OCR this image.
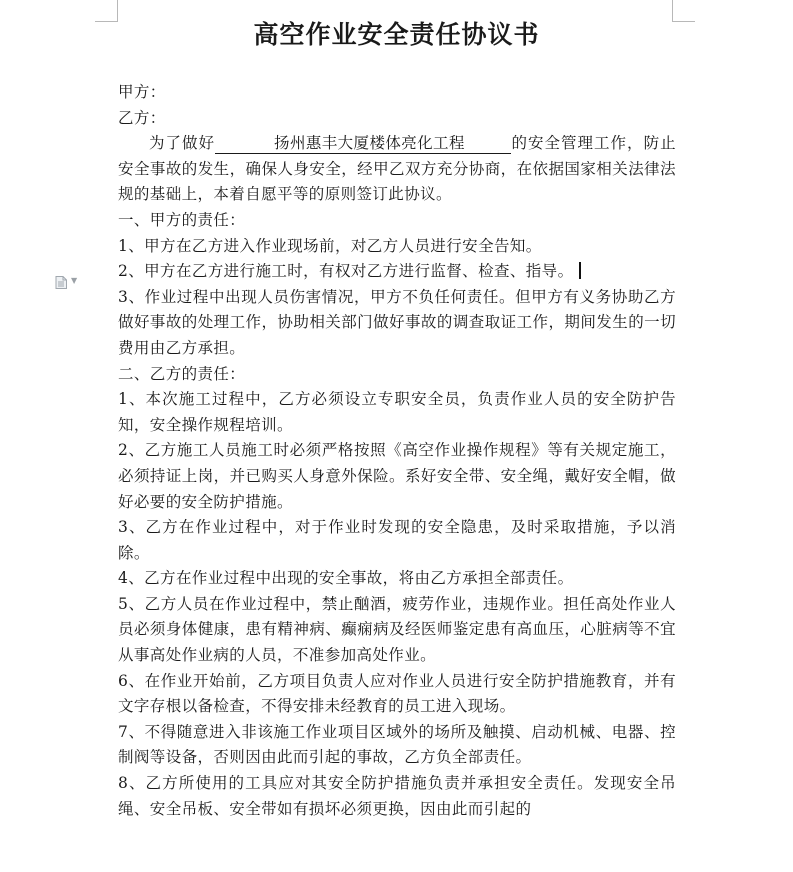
高空作业安全责任协议书
▼

甲方：

乙方：

为了做好	扬州惠丰大厦楼体亮化工程	的安全管理工作，防止安全事故的发生，确保人身安全，经甲乙双方充分协商，在依据国家相关法律法规的基础上，本着自愿平等的原则签订此协议。

一、甲方的责任：

1、甲方在乙方进入作业现场前，对乙方人员进行安全告知。

2、甲方在乙方进行施工时，有权对乙方进行监督、检查、指导。

3、作业过程中出现人员伤害情况，甲方不负任何责任。但甲方有义务协助乙方做好事故的处理工作，协助相关部门做好事故的调查取证工作，期间发生的一切费用由乙方承担。

二、乙方的责任：

1、本次施工过程中，乙方必须设立专职安全员，负责作业人员的安全防护告知，安全操作规程培训。

2、乙方施工人员施工时必须严格按照《高空作业操作规程》等有关规定施工，必须持证上岗，并已购买人身意外保险。系好安全带、安全绳，戴好安全帽，做好必要的安全防护措施。

3、乙方在作业过程中，对于作业时发现的安全隐患，及时采取措施，予以消除。

4、乙方在作业过程中出现的安全事故，将由乙方承担全部责任。

5、乙方人员在作业过程中，禁止酗酒，疲劳作业，违规作业。担任高处作业人员必须身体健康，患有精神病、癫痫病及经医师鉴定患有高血压，心脏病等不宜从事高处作业病的人员，不准参加高处作业。

6、在作业开始前，乙方项目负责人应对作业人员进行安全防护措施教育，并有文字存根以备检查，不得安排未经教育的员工进入现场。

7、不得随意进入非该施工作业项目区域外的场所及触摸、启动机械、电器、控制阀等设备，否则因由此而引起的事故，乙方负全部责任。

8、乙方所使用的工具应对其安全防护措施负责并承担安全责任。发现安全吊绳、安全吊板、安全带如有损坏必须更换，因由此而引起的
